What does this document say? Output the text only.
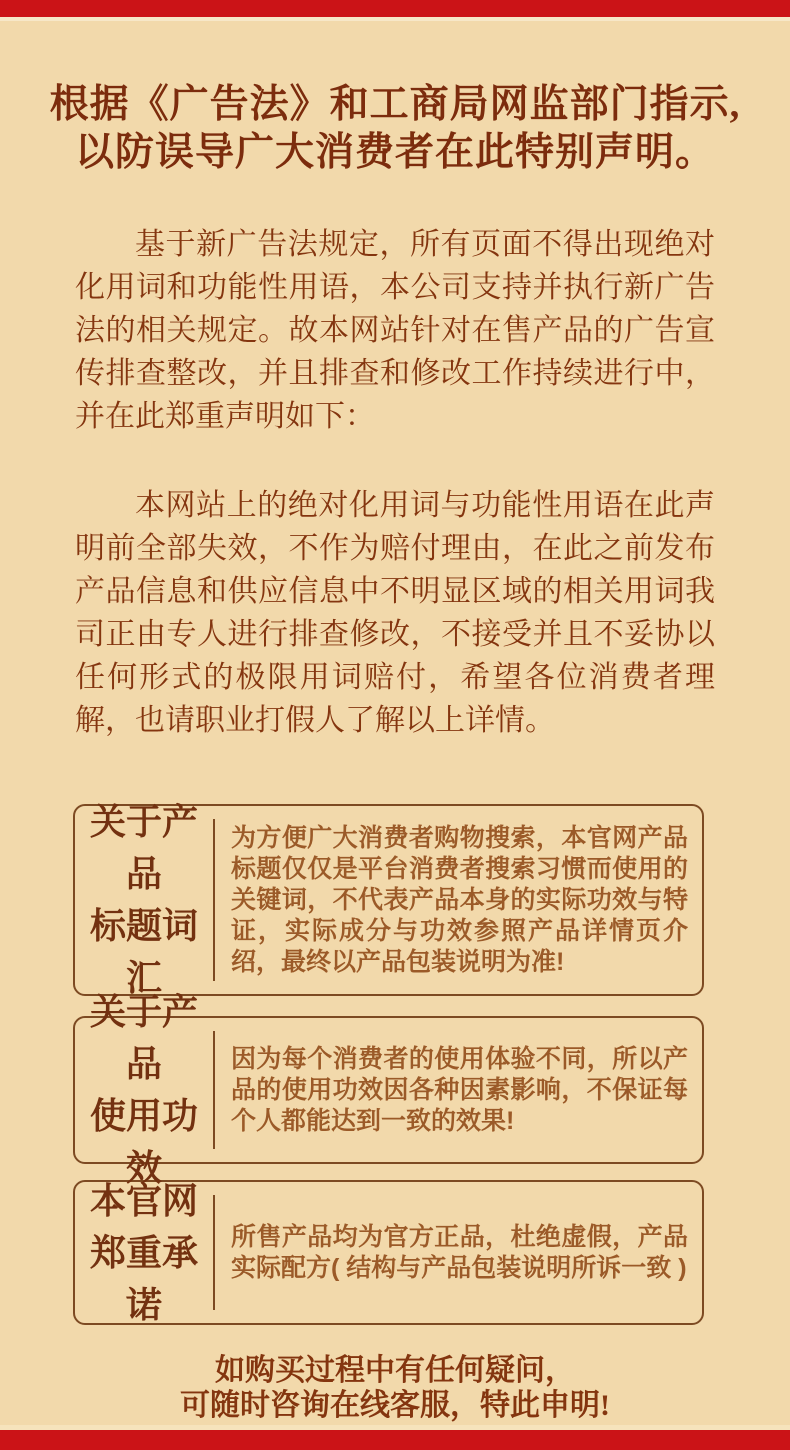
根据《广告法》和工商局网监部门指示,
以防误导广大消费者在此特别声明。

基于新广告法规定，所有页面不得出现绝对化用词和功能性用语，本公司支持并执行新广告法的相关规定。故本网站针对在售产品的广告宣传排查整改，并且排查和修改工作持续进行中，并在此郑重声明如下：

本网站上的绝对化用词与功能性用语在此声明前全部失效，不作为赔付理由，在此之前发布产品信息和供应信息中不明显区域的相关用词我司正由专人进行排查修改，不接受并且不妥协以任何形式的极限用词赔付，希望各位消费者理解，也请职业打假人了解以上详情。

关于产品
标题词汇
为方便广大消费者购物搜索，本官网产品标题仅仅是平台消费者搜索习惯而使用的关键词，不代表产品本身的实际功效与特证，实际成分与功效参照产品详情页介绍，最终以产品包装说明为准!
关于产品
使用功效
因为每个消费者的使用体验不同，所以产品的使用功效因各种因素影响，不保证每个人都能达到一致的效果!
本官网
郑重承诺
所售产品均为官方正品，杜绝虚假，产品实际配方( 结构与产品包装说明所诉一致 )
如购买过程中有任何疑问，
可随时咨询在线客服，特此申明!
